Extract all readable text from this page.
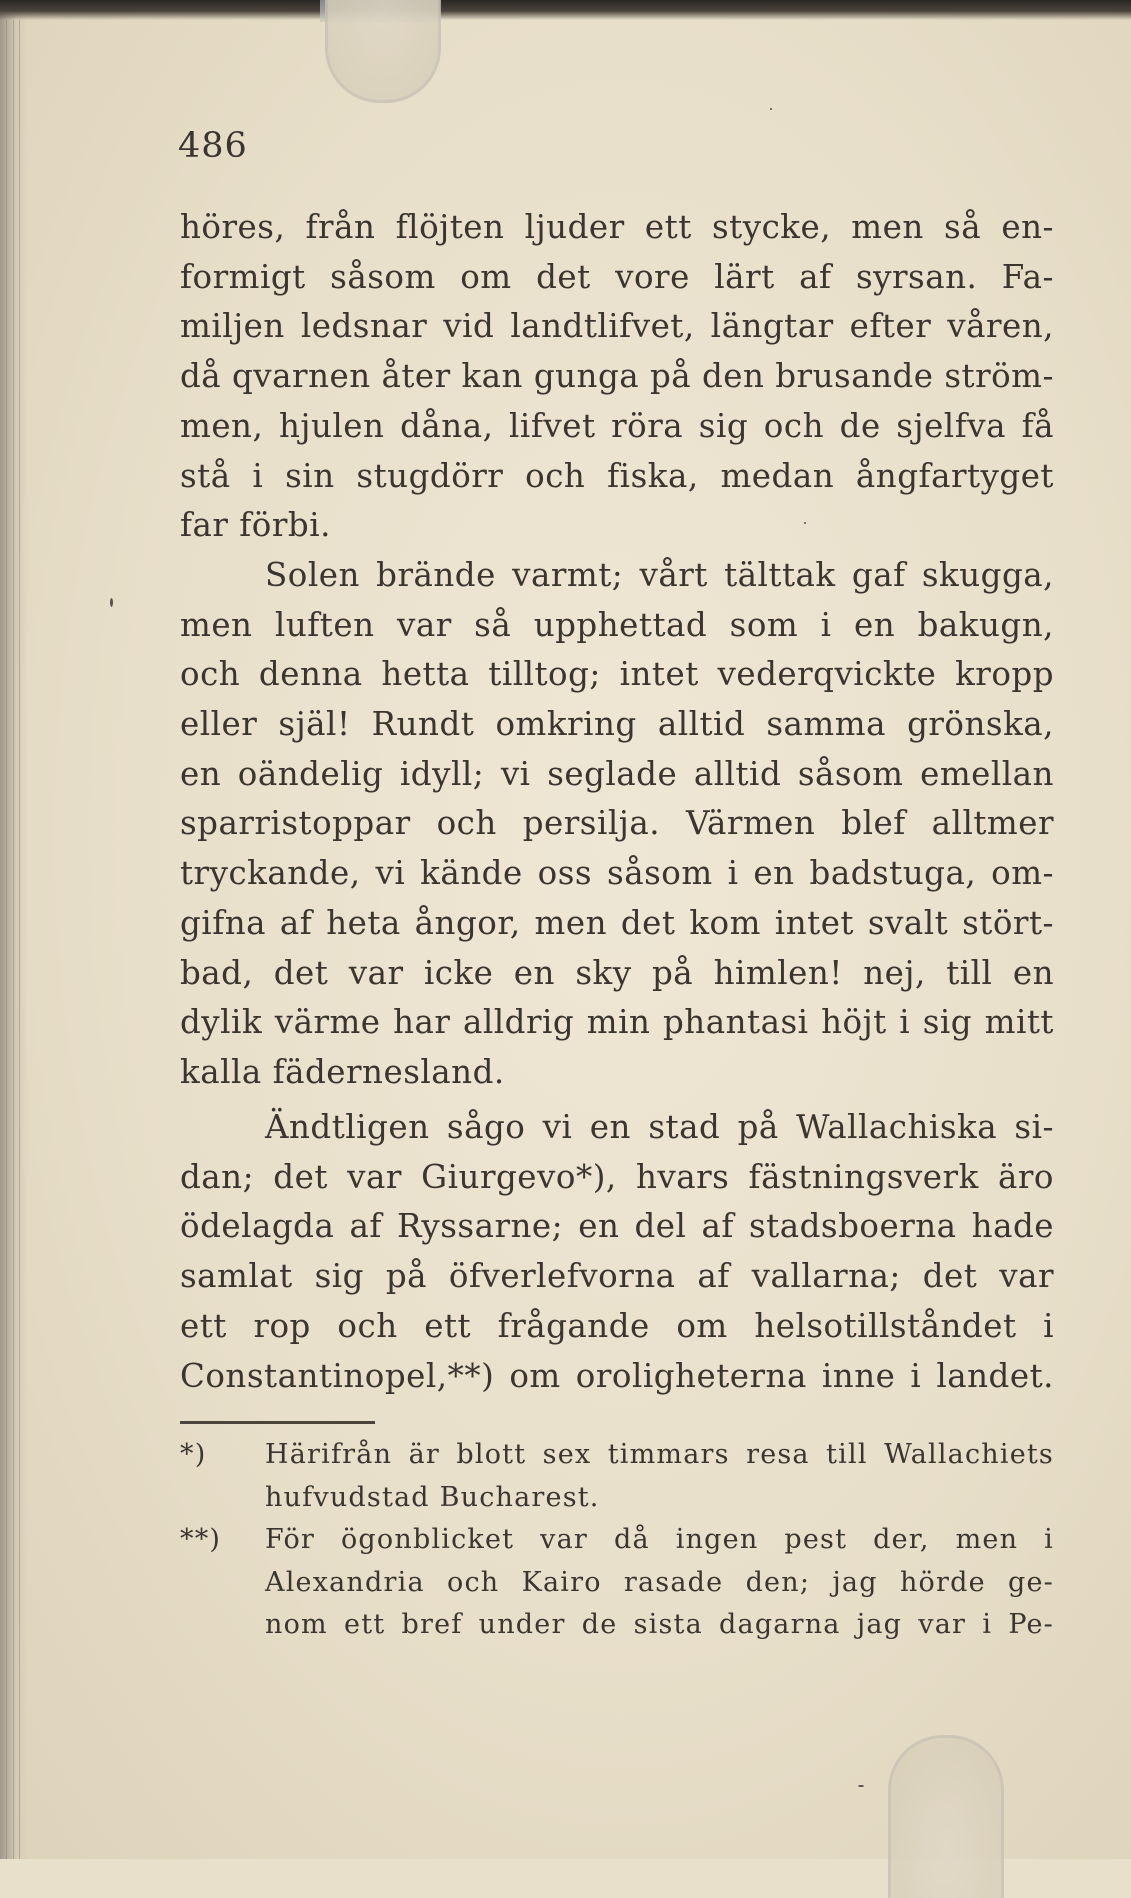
486
höres, från flöjten ljuder ett stycke, men så en-
formigt såsom om det vore lärt af syrsan. Fa-
miljen ledsnar vid landtlifvet, längtar efter våren,
då qvarnen åter kan gunga på den brusande ström-
men, hjulen dåna, lifvet röra sig och de sjelfva få
stå i sin stugdörr och fiska, medan ångfartyget
far förbi.
Solen brände varmt; vårt tälttak gaf skugga,
men luften var så upphettad som i en bakugn,
och denna hetta tilltog; intet vederqvickte kropp
eller själ! Rundt omkring alltid samma grönska,
en oändelig idyll; vi seglade alltid såsom emellan
sparristoppar och persilja. Värmen blef alltmer
tryckande, vi kände oss såsom i en badstuga, om-
gifna af heta ångor, men det kom intet svalt stört-
bad, det var icke en sky på himlen! nej, till en
dylik värme har alldrig min phantasi höjt i sig mitt
kalla fädernesland.
Ändtligen sågo vi en stad på Wallachiska si-
dan; det var Giurgevo*), hvars fästningsverk äro
ödelagda af Ryssarne; en del af stadsboerna hade
samlat sig på öfverlefvorna af vallarna; det var
ett rop och ett frågande om helsotillståndet i
Constantinopel,**) om oroligheterna inne i landet.
*) Härifrån är blott sex timmars resa till Wallachiets
hufvudstad Bucharest.
**) För ögonblicket var då ingen pest der, men i
Alexandria och Kairo rasade den; jag hörde ge-
nom ett bref under de sista dagarna jag var i Pe-
